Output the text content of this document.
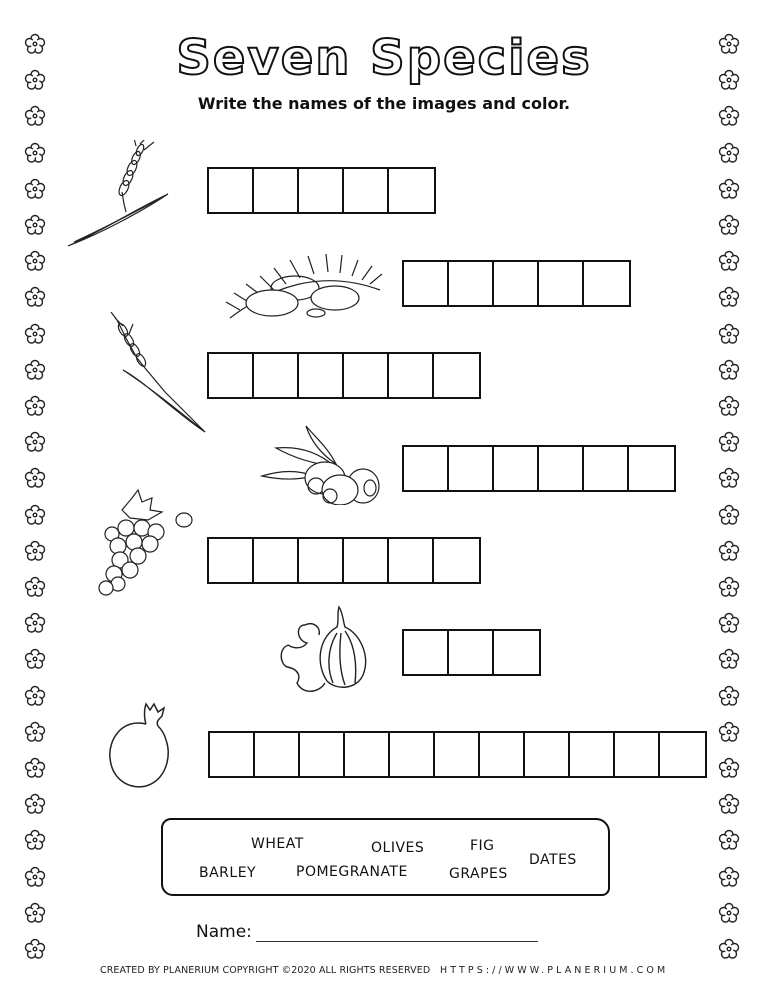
Seven Species
Write the names of the images and color.
WHEAT	OLIVES	FIG
DATES
BARLEY	POMEGRANATE	GRAPES
Name:
CREATED BY PLANERIUM COPYRIGHT ©2020 ALL RIGHTS RESERVED HTTPS://WWW.PLANERIUM.COM
